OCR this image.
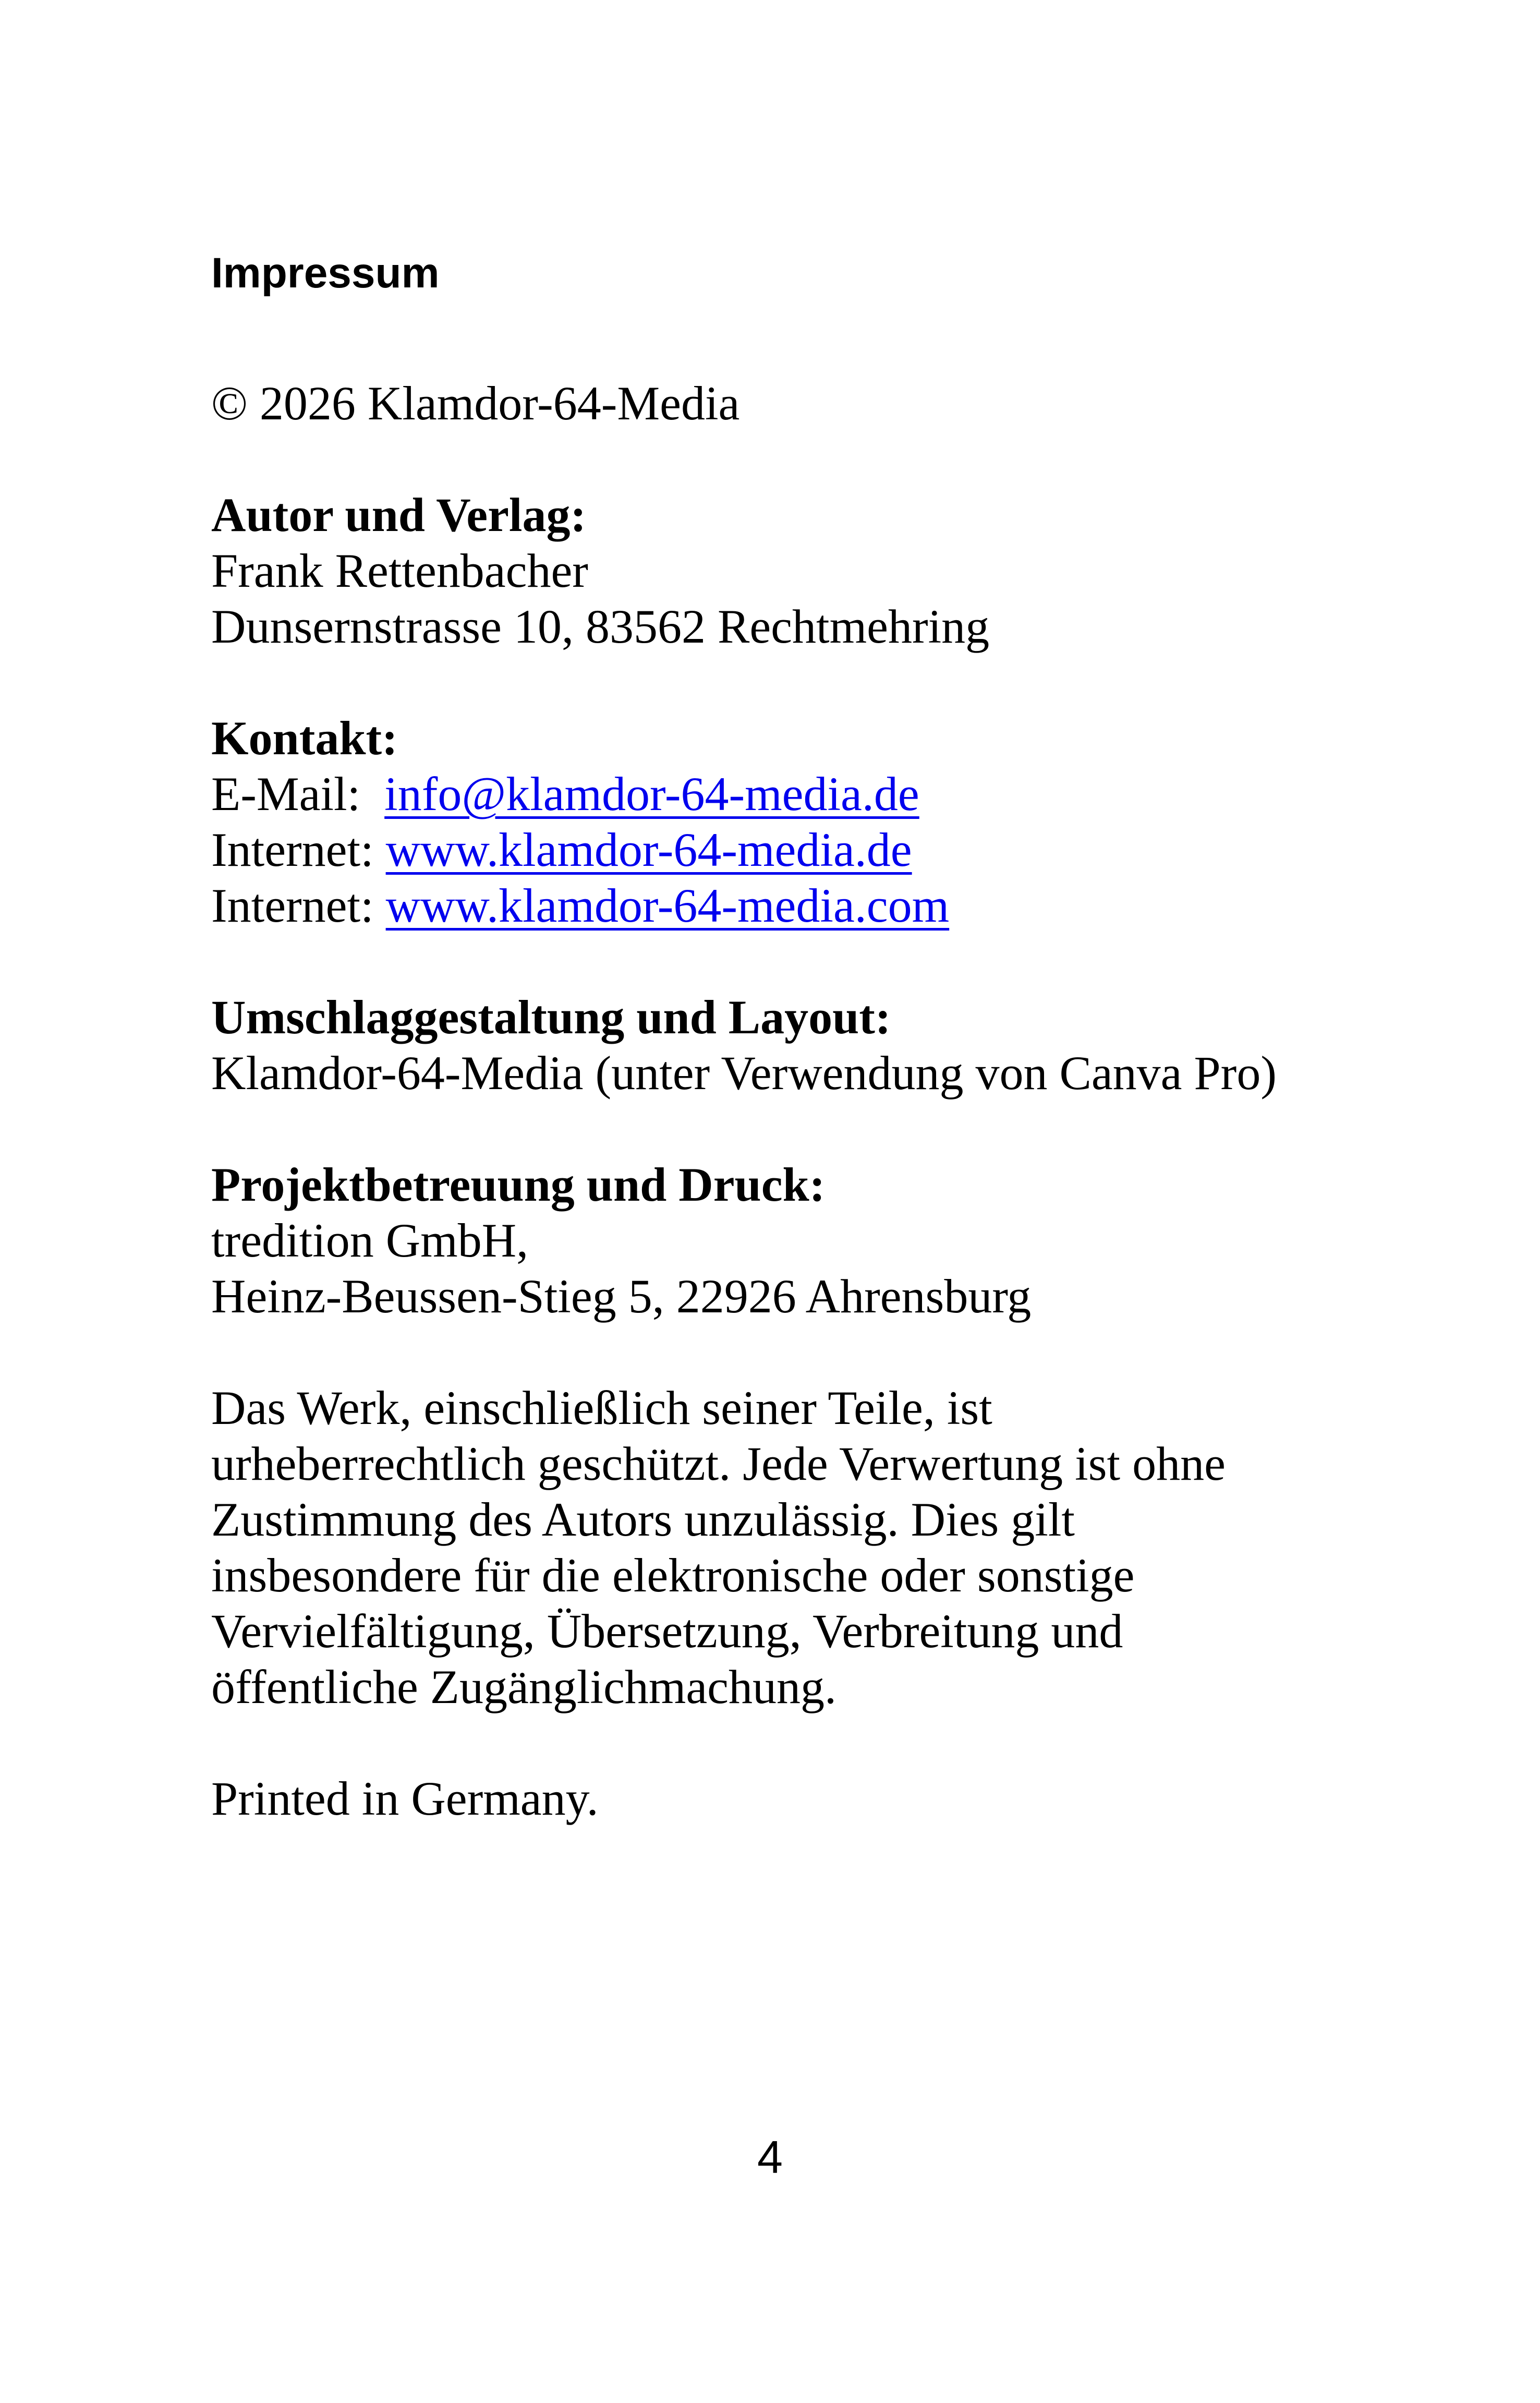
Impressum

© 2026 Klamdor-64-Media

Autor und Verlag:
Frank Rettenbacher
Dunsernstrasse 10, 83562 Rechtmehring
Kontakt:
E-Mail: info@klamdor-64-media.de
Internet: www.klamdor-64-media.de
Internet: www.klamdor-64-media.com
Umschlaggestaltung und Layout:
Klamdor-64-Media (unter Verwendung von Canva Pro)
Projektbetreuung und Druck:
tredition GmbH,
Heinz-Beussen-Stieg 5, 22926 Ahrensburg
Das Werk, einschließlich seiner Teile, ist
urheberrechtlich geschützt. Jede Verwertung ist ohne
Zustimmung des Autors unzulässig. Dies gilt
insbesondere für die elektronische oder sonstige
Vervielfältigung, Übersetzung, Verbreitung und
öffentliche Zugänglichmachung.

Printed in Germany.

4
